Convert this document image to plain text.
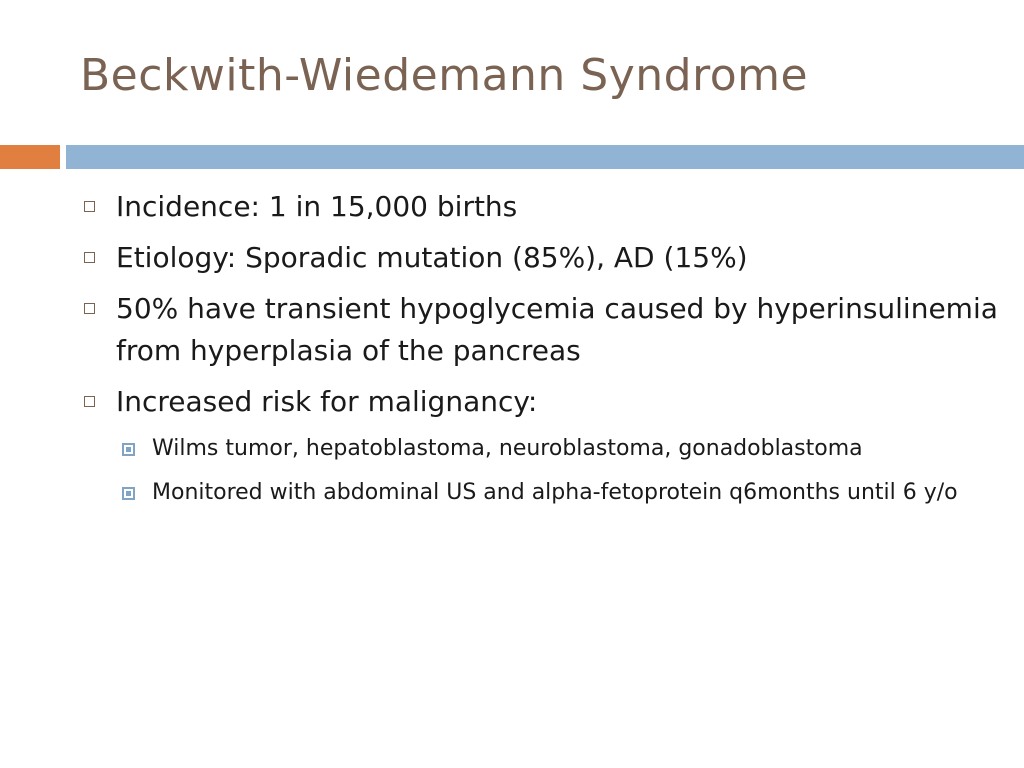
Beckwith-Wiedemann Syndrome
Incidence: 1 in 15,000 births
Etiology: Sporadic mutation (85%), AD (15%)
50% have transient hypoglycemia caused by hyperinsulinemia from hyperplasia of the pancreas
Increased risk for malignancy:
Wilms tumor, hepatoblastoma, neuroblastoma, gonadoblastoma
Monitored with abdominal US and alpha-fetoprotein q6months until 6 y/o
